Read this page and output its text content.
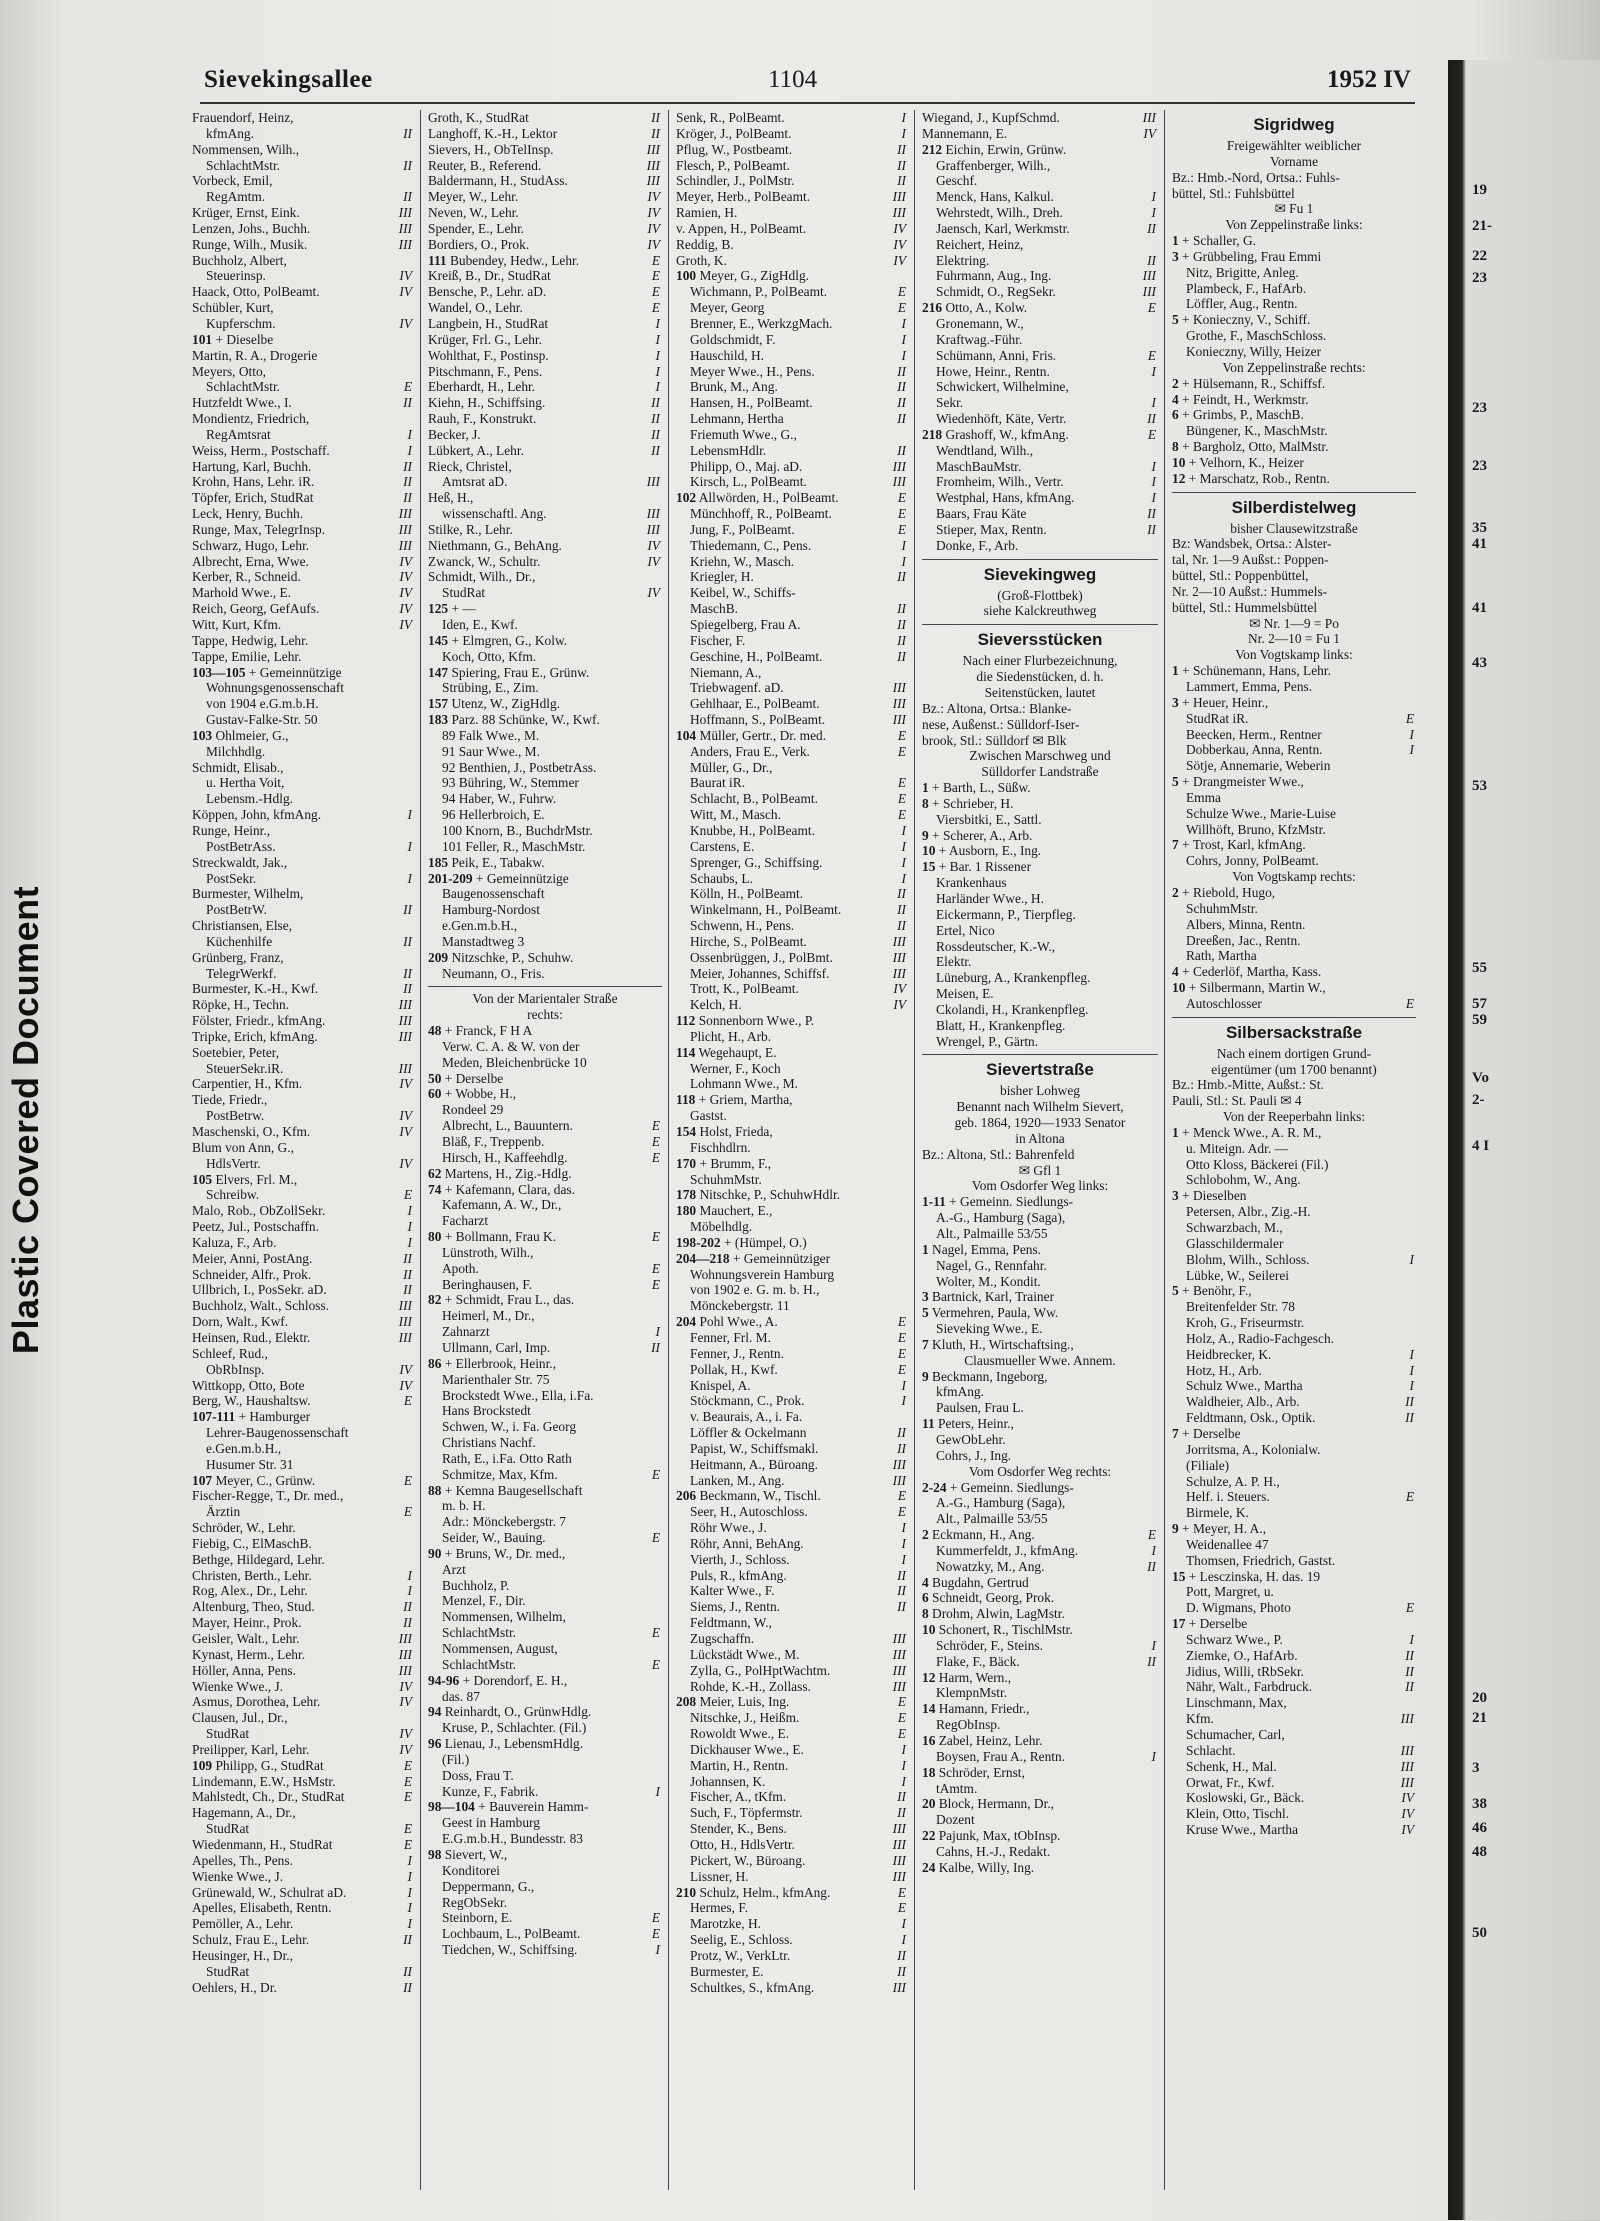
Plastic Covered Document
Sievekingsallee	1104	1952 IV
Frauendorf, Heinz,
kfmAng.	II
Nommensen, Wilh.,
SchlachtMstr.	II
Vorbeck, Emil,
RegAmtm.	II
Krüger, Ernst, Eink.	III
Lenzen, Johs., Buchh.	III
Runge, Wilh., Musik.	III
Buchholz, Albert,
Steuerinsp.	IV
Haack, Otto, PolBeamt.	IV
Schübler, Kurt,
Kupferschm.	IV
101 + Dieselbe
Martin, R. A., Drogerie
Meyers, Otto,
SchlachtMstr.	E
Hutzfeldt Wwe., I.	II
Mondientz, Friedrich,
RegAmtsrat	I
Weiss, Herm., Postschaff.	I
Hartung, Karl, Buchh.	II
Krohn, Hans, Lehr. iR.	II
Töpfer, Erich, StudRat	II
Leck, Henry, Buchh.	III
Runge, Max, TelegrInsp.	III
Schwarz, Hugo, Lehr.	III
Albrecht, Erna, Wwe.	IV
Kerber, R., Schneid.	IV
Marhold Wwe., E.	IV
Reich, Georg, GefAufs.	IV
Witt, Kurt, Kfm.	IV
Tappe, Hedwig, Lehr.
Tappe, Emilie, Lehr.
103—105 + Gemeinnützige
Wohnungsgenossenschaft
von 1904 e.G.m.b.H.
Gustav-Falke-Str. 50
103 Ohlmeier, G.,
Milchhdlg.
Schmidt, Elisab.,
u. Hertha Voit,
Lebensm.-Hdlg.
Köppen, John, kfmAng.	I
Runge, Heinr.,
PostBetrAss.	I
Streckwaldt, Jak.,
PostSekr.	I
Burmester, Wilhelm,
PostBetrW.	II
Christiansen, Else,
Küchenhilfe	II
Grünberg, Franz,
TelegrWerkf.	II
Burmester, K.-H., Kwf.	II
Röpke, H., Techn.	III
Fölster, Friedr., kfmAng.	III
Tripke, Erich, kfmAng.	III
Soetebier, Peter,
SteuerSekr.iR.	III
Carpentier, H., Kfm.	IV
Tiede, Friedr.,
PostBetrw.	IV
Maschenski, O., Kfm.	IV
Blum von Ann, G.,
HdlsVertr.	IV
105 Elvers, Frl. M.,
Schreibw.	E
Malo, Rob., ObZollSekr.	I
Peetz, Jul., Postschaffn.	I
Kaluza, F., Arb.	I
Meier, Anni, PostAng.	II
Schneider, Alfr., Prok.	II
Ullbrich, I., PosSekr. aD.	II
Buchholz, Walt., Schloss.	III
Dorn, Walt., Kwf.	III
Heinsen, Rud., Elektr.	III
Schleef, Rud.,
ObRbInsp.	IV
Wittkopp, Otto, Bote	IV
Berg, W., Haushaltsw.	E
107-111 + Hamburger
Lehrer-Baugenossenschaft
e.Gen.m.b.H.,
Husumer Str. 31
107 Meyer, C., Grünw.	E
Fischer-Regge, T., Dr. med.,
Ärztin	E
Schröder, W., Lehr.
Fiebig, C., ElMaschB.
Bethge, Hildegard, Lehr.
Christen, Berth., Lehr.	I
Rog, Alex., Dr., Lehr.	I
Altenburg, Theo, Stud.	II
Mayer, Heinr., Prok.	II
Geisler, Walt., Lehr.	III
Kynast, Herm., Lehr.	III
Höller, Anna, Pens.	III
Wienke Wwe., J.	IV
Asmus, Dorothea, Lehr.	IV
Clausen, Jul., Dr.,
StudRat	IV
Preilipper, Karl, Lehr.	IV
109 Philipp, G., StudRat	E
Lindemann, E.W., HsMstr.	E
Mahlstedt, Ch., Dr., StudRat	E
Hagemann, A., Dr.,
StudRat	E
Wiedenmann, H., StudRat	E
Apelles, Th., Pens.	I
Wienke Wwe., J.	I
Grünewald, W., Schulrat aD.	I
Apelles, Elisabeth, Rentn.	I
Pemöller, A., Lehr.	I
Schulz, Frau E., Lehr.	II
Heusinger, H., Dr.,
StudRat	II
Oehlers, H., Dr.	II
Groth, K., StudRat	II
Langhoff, K.-H., Lektor	II
Sievers, H., ObTelInsp.	III
Reuter, B., Referend.	III
Baldermann, H., StudAss.	III
Meyer, W., Lehr.	IV
Neven, W., Lehr.	IV
Spender, E., Lehr.	IV
Bordiers, O., Prok.	IV
111 Bubendey, Hedw., Lehr.	E
Kreiß, B., Dr., StudRat	E
Bensche, P., Lehr. aD.	E
Wandel, O., Lehr.	E
Langbein, H., StudRat	I
Krüger, Frl. G., Lehr.	I
Wohlthat, F., Postinsp.	I
Pitschmann, F., Pens.	I
Eberhardt, H., Lehr.	I
Kiehn, H., Schiffsing.	II
Rauh, F., Konstrukt.	II
Becker, J.	II
Lübkert, A., Lehr.	II
Rieck, Christel,
Amtsrat aD.	III
Heß, H.,
wissenschaftl. Ang.	III
Stilke, R., Lehr.	III
Niethmann, G., BehAng.	IV
Zwanck, W., Schultr.	IV
Schmidt, Wilh., Dr.,
StudRat	IV
125 + —
Iden, E., Kwf.
145 + Elmgren, G., Kolw.
Koch, Otto, Kfm.
147 Spiering, Frau E., Grünw.
Strübing, E., Zim.
157 Utenz, W., ZigHdlg.
183 Parz. 88 Schünke, W., Kwf.
89 Falk Wwe., M.
91 Saur Wwe., M.
92 Benthien, J., PostbetrAss.
93 Bühring, W., Stemmer
94 Haber, W., Fuhrw.
96 Hellerbroich, E.
100 Knorn, B., BuchdrMstr.
101 Feller, R., MaschMstr.
185 Peik, E., Tabakw.
201-209 + Gemeinnützige
Baugenossenschaft
Hamburg-Nordost
e.Gen.m.b.H.,
Manstadtweg 3
209 Nitzschke, P., Schuhw.
Neumann, O., Fris.
Von der Marientaler Straße
rechts:
48 + Franck, F H A
Verw. C. A. & W. von der
Meden, Bleichenbrücke 10
50 + Derselbe
60 + Wobbe, H.,
Rondeel 29
Albrecht, L., Bauuntern.	E
Bläß, F., Treppenb.	E
Hirsch, H., Kaffeehdlg.	E
62 Martens, H., Zig.-Hdlg.
74 + Kafemann, Clara, das.
Kafemann, A. W., Dr.,
Facharzt
80 + Bollmann, Frau K.	E
Lünstroth, Wilh.,
Apoth.	E
Beringhausen, F.	E
82 + Schmidt, Frau L., das.
Heimerl, M., Dr.,
Zahnarzt	I
Ullmann, Carl, Imp.	II
86 + Ellerbrook, Heinr.,
Marienthaler Str. 75
Brockstedt Wwe., Ella, i.Fa.
Hans Brockstedt
Schwen, W., i. Fa. Georg
Christians Nachf.
Rath, E., i.Fa. Otto Rath
Schmitze, Max, Kfm.	E
88 + Kemna Baugesellschaft
m. b. H.
Adr.: Mönckebergstr. 7
Seider, W., Bauing.	E
90 + Bruns, W., Dr. med.,
Arzt
Buchholz, P.
Menzel, F., Dir.
Nommensen, Wilhelm,
SchlachtMstr.	E
Nommensen, August,
SchlachtMstr.	E
94-96 + Dorendorf, E. H.,
das. 87
94 Reinhardt, O., GrünwHdlg.
Kruse, P., Schlachter. (Fil.)
96 Lienau, J., LebensmHdlg.
(Fil.)
Doss, Frau T.
Kunze, F., Fabrik.	I
98—104 + Bauverein Hamm-
Geest in Hamburg
E.G.m.b.H., Bundesstr. 83
98 Sievert, W.,
Konditorei
Deppermann, G.,
RegObSekr.
Steinborn, E.	E
Lochbaum, L., PolBeamt.	E
Tiedchen, W., Schiffsing.	I
Senk, R., PolBeamt.	I
Kröger, J., PolBeamt.	I
Pflug, W., Postbeamt.	II
Flesch, P., PolBeamt.	II
Schindler, J., PolMstr.	II
Meyer, Herb., PolBeamt.	III
Ramien, H.	III
v. Appen, H., PolBeamt.	IV
Reddig, B.	IV
Groth, K.	IV
100 Meyer, G., ZigHdlg.
Wichmann, P., PolBeamt.	E
Meyer, Georg	E
Brenner, E., WerkzgMach.	I
Goldschmidt, F.	I
Hauschild, H.	I
Meyer Wwe., H., Pens.	II
Brunk, M., Ang.	II
Hansen, H., PolBeamt.	II
Lehmann, Hertha	II
Friemuth Wwe., G.,
LebensmHdlr.	II
Philipp, O., Maj. aD.	III
Kirsch, L., PolBeamt.	III
102 Allwörden, H., PolBeamt.	E
Münchhoff, R., PolBeamt.	E
Jung, F., PolBeamt.	E
Thiedemann, C., Pens.	I
Kriehn, W., Masch.	I
Kriegler, H.	II
Keibel, W., Schiffs-
MaschB.	II
Spiegelberg, Frau A.	II
Fischer, F.	II
Geschine, H., PolBeamt.	II
Niemann, A.,
Triebwagenf. aD.	III
Gehlhaar, E., PolBeamt.	III
Hoffmann, S., PolBeamt.	III
104 Müller, Gertr., Dr. med.	E
Anders, Frau E., Verk.	E
Müller, G., Dr.,
Baurat iR.	E
Schlacht, B., PolBeamt.	E
Witt, M., Masch.	E
Knubbe, H., PolBeamt.	I
Carstens, E.	I
Sprenger, G., Schiffsing.	I
Schaubs, L.	I
Kölln, H., PolBeamt.	II
Winkelmann, H., PolBeamt.	II
Schwenn, H., Pens.	II
Hirche, S., PolBeamt.	III
Ossenbrüggen, J., PolBmt.	III
Meier, Johannes, Schiffsf.	III
Trott, K., PolBeamt.	IV
Kelch, H.	IV
112 Sonnenborn Wwe., P.
Plicht, H., Arb.
114 Wegehaupt, E.
Werner, F., Koch
Lohmann Wwe., M.
118 + Griem, Martha,
Gastst.
154 Holst, Frieda,
Fischhdlrn.
170 + Brumm, F.,
SchuhmMstr.
178 Nitschke, P., SchuhwHdlr.
180 Mauchert, E.,
Möbelhdlg.
198-202 + (Hümpel, O.)
204—218 + Gemeinnütziger
Wohnungsverein Hamburg
von 1902 e. G. m. b. H.,
Mönckebergstr. 11
204 Pohl Wwe., A.	E
Fenner, Frl. M.	E
Fenner, J., Rentn.	E
Pollak, H., Kwf.	E
Knispel, A.	I
Stöckmann, C., Prok.	I
v. Beaurais, A., i. Fa.
Löffler & Ockelmann	II
Papist, W., Schiffsmakl.	II
Heitmann, A., Büroang.	III
Lanken, M., Ang.	III
206 Beckmann, W., Tischl.	E
Seer, H., Autoschloss.	E
Röhr Wwe., J.	I
Röhr, Anni, BehAng.	I
Vierth, J., Schloss.	I
Puls, R., kfmAng.	II
Kalter Wwe., F.	II
Siems, J., Rentn.	II
Feldtmann, W.,
Zugschaffn.	III
Lückstädt Wwe., M.	III
Zylla, G., PolHptWachtm.	III
Rohde, K.-H., Zollass.	III
208 Meier, Luis, Ing.	E
Nitschke, J., Heißm.	E
Rowoldt Wwe., E.	E
Dickhauser Wwe., E.	I
Martin, H., Rentn.	I
Johannsen, K.	I
Fischer, A., tKfm.	II
Such, F., Töpfermstr.	II
Stender, K., Bens.	III
Otto, H., HdlsVertr.	III
Pickert, W., Büroang.	III
Lissner, H.	III
210 Schulz, Helm., kfmAng.	E
Hermes, F.	E
Marotzke, H.	I
Seelig, E., Schloss.	I
Protz, W., VerkLtr.	II
Burmester, E.	II
Schultkes, S., kfmAng.	III
Wiegand, J., KupfSchmd.	III
Mannemann, E.	IV
212 Eichin, Erwin, Grünw.
Graffenberger, Wilh.,
Geschf.
Menck, Hans, Kalkul.	I
Wehrstedt, Wilh., Dreh.	I
Jaensch, Karl, Werkmstr.	II
Reichert, Heinz,
Elektring.	II
Fuhrmann, Aug., Ing.	III
Schmidt, O., RegSekr.	III
216 Otto, A., Kolw.	E
Gronemann, W.,
Kraftwag.-Führ.
Schümann, Anni, Fris.	E
Howe, Heinr., Rentn.	I
Schwickert, Wilhelmine,
Sekr.	I
Wiedenhöft, Käte, Vertr.	II
218 Grashoff, W., kfmAng.	E
Wendtland, Wilh.,
MaschBauMstr.	I
Fromheim, Wilh., Vertr.	I
Westphal, Hans, kfmAng.	I
Baars, Frau Käte	II
Stieper, Max, Rentn.	II
Donke, F., Arb.
Sievekingweg
(Groß-Flottbek)
siehe Kalckreuthweg
Sieversstücken
Nach einer Flurbezeichnung,
die Siedenstücken, d. h.
Seitenstücken, lautet
Bz.: Altona, Ortsa.: Blanke-
nese, Außenst.: Sülldorf-Iser-
brook, Stl.: Sülldorf ✉ Blk
Zwischen Marschweg und
Sülldorfer Landstraße
1 + Barth, L., Süßw.
8 + Schrieber, H.
Viersbitki, E., Sattl.
9 + Scherer, A., Arb.
10 + Ausborn, E., Ing.
15 + Bar. 1 Rissener
Krankenhaus
Harländer Wwe., H.
Eickermann, P., Tierpfleg.
Ertel, Nico
Rossdeutscher, K.-W.,
Elektr.
Lüneburg, A., Krankenpfleg.
Meisen, E.
Ckolandi, H., Krankenpfleg.
Blatt, H., Krankenpfleg.
Wrengel, P., Gärtn.
Sievertstraße
bisher Lohweg
Benannt nach Wilhelm Sievert,
geb. 1864, 1920—1933 Senator
in Altona
Bz.: Altona, Stl.: Bahrenfeld
✉ Gfl 1
Vom Osdorfer Weg links:
1-11 + Gemeinn. Siedlungs-
A.-G., Hamburg (Saga),
Alt., Palmaille 53/55
1 Nagel, Emma, Pens.
Nagel, G., Rennfahr.
Wolter, M., Kondit.
3 Bartnick, Karl, Trainer
5 Vermehren, Paula, Ww.
Sieveking Wwe., E.
7 Kluth, H., Wirtschaftsing.,
Clausmueller Wwe. Annem.
9 Beckmann, Ingeborg,
kfmAng.
Paulsen, Frau L.
11 Peters, Heinr.,
GewObLehr.
Cohrs, J., Ing.
Vom Osdorfer Weg rechts:
2-24 + Gemeinn. Siedlungs-
A.-G., Hamburg (Saga),
Alt., Palmaille 53/55
2 Eckmann, H., Ang.	E
Kummerfeldt, J., kfmAng.	I
Nowatzky, M., Ang.	II
4 Bugdahn, Gertrud
6 Schneidt, Georg, Prok.
8 Drohm, Alwin, LagMstr.
10 Schonert, R., TischlMstr.
Schröder, F., Steins.	I
Flake, F., Bäck.	II
12 Harm, Wern.,
KlempnMstr.
14 Hamann, Friedr.,
RegObInsp.
16 Zabel, Heinz, Lehr.
Boysen, Frau A., Rentn.	I
18 Schröder, Ernst,
tAmtm.
20 Block, Hermann, Dr.,
Dozent
22 Pajunk, Max, tObInsp.
Cahns, H.-J., Redakt.
24 Kalbe, Willy, Ing.
Sigridweg
Freigewählter weiblicher
Vorname
Bz.: Hmb.-Nord, Ortsa.: Fuhls-
büttel, Stl.: Fuhlsbüttel
✉ Fu 1
Von Zeppelinstraße links:
1 + Schaller, G.
3 + Grübbeling, Frau Emmi
Nitz, Brigitte, Anleg.
Plambeck, F., HafArb.
Löffler, Aug., Rentn.
5 + Konieczny, V., Schiff.
Grothe, F., MaschSchloss.
Konieczny, Willy, Heizer
Von Zeppelinstraße rechts:
2 + Hülsemann, R., Schiffsf.
4 + Feindt, H., Werkmstr.
6 + Grimbs, P., MaschB.
Büngener, K., MaschMstr.
8 + Bargholz, Otto, MalMstr.
10 + Velhorn, K., Heizer
12 + Marschatz, Rob., Rentn.
Silberdistelweg
bisher Clausewitzstraße
Bz: Wandsbek, Ortsa.: Alster-
tal, Nr. 1—9 Außst.: Poppen-
büttel, Stl.: Poppenbüttel,
Nr. 2—10 Außst.: Hummels-
büttel, Stl.: Hummelsbüttel
✉ Nr. 1—9 = Po
Nr. 2—10 = Fu 1
Von Vogtskamp links:
1 + Schünemann, Hans, Lehr.
Lammert, Emma, Pens.
3 + Heuer, Heinr.,
StudRat iR.	E
Beecken, Herm., Rentner	I
Dobberkau, Anna, Rentn.	I
Sötje, Annemarie, Weberin
5 + Drangmeister Wwe.,
Emma
Schulze Wwe., Marie-Luise
Willhöft, Bruno, KfzMstr.
7 + Trost, Karl, kfmAng.
Cohrs, Jonny, PolBeamt.
Von Vogtskamp rechts:
2 + Riebold, Hugo,
SchuhmMstr.
Albers, Minna, Rentn.
Dreeßen, Jac., Rentn.
Rath, Martha
4 + Cederlöf, Martha, Kass.
10 + Silbermann, Martin W.,
Autoschlosser	E
Silbersackstraße
Nach einem dortigen Grund-
eigentümer (um 1700 benannt)
Bz.: Hmb.-Mitte, Außst.: St.
Pauli, Stl.: St. Pauli ✉ 4
Von der Reeperbahn links:
1 + Menck Wwe., A. R. M.,
u. Miteign. Adr. —
Otto Kloss, Bäckerei (Fil.)
Schlobohm, W., Ang.
3 + Dieselben
Petersen, Albr., Zig.-H.
Schwarzbach, M.,
Glasschildermaler
Blohm, Wilh., Schloss.	I
Lübke, W., Seilerei
5 + Benöhr, F.,
Breitenfelder Str. 78
Kroh, G., Friseurmstr.
Holz, A., Radio-Fachgesch.
Heidbrecker, K.	I
Hotz, H., Arb.	I
Schulz Wwe., Martha	I
Waldheier, Alb., Arb.	II
Feldtmann, Osk., Optik.	II
7 + Derselbe
Jorritsma, A., Kolonialw.
(Filiale)
Schulze, A. P. H.,
Helf. i. Steuers.	E
Birmele, K.
9 + Meyer, H. A.,
Weidenallee 47
Thomsen, Friedrich, Gastst.
15 + Lesczinska, H. das. 19
Pott, Margret, u.
D. Wigmans, Photo	E
17 + Derselbe
Schwarz Wwe., P.	I
Ziemke, O., HafArb.	II
Jidius, Willi, tRbSekr.	II
Nähr, Walt., Farbdruck.	II
Linschmann, Max,
Kfm.	III
Schumacher, Carl,
Schlacht.	III
Schenk, H., Mal.	III
Orwat, Fr., Kwf.	III
Koslowski, Gr., Bäck.	IV
Klein, Otto, Tischl.	IV
Kruse Wwe., Martha	IV
19
21-
22
23
23
23
35
41
41
43
53
55
57
59
Vo
2-
4 I
20
21
3
38
46
48
50
